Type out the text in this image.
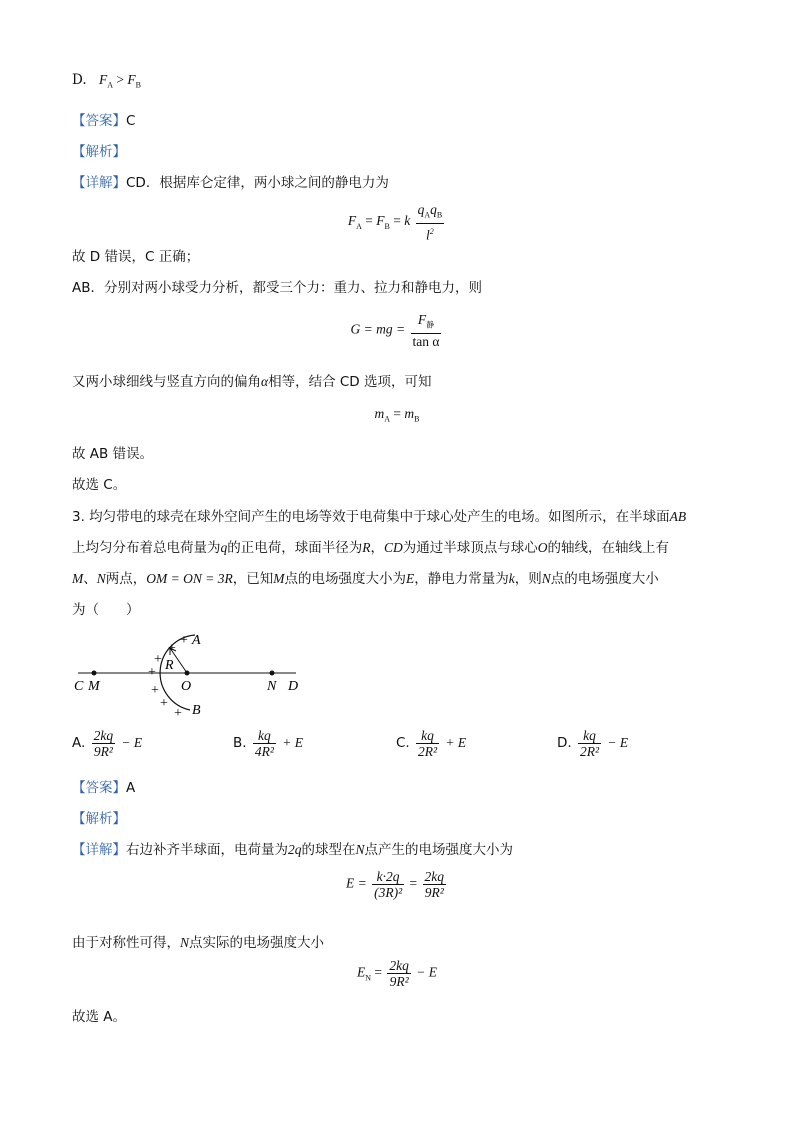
D. $F_A > F_B$
【答案】C
【解析】
【详解】CD．根据库仑定律，两小球之间的静电力为
$F_A = F_B = k \frac{q_Aq_B}{l^2}$
故 D 错误，C 正确；
AB．分别对两小球受力分析，都受三个力：重力、拉力和静电力，则
G = mg = $\frac{F_静}{\text{tan α}}$
又两小球细线与竖直方向的偏角α相等，结合 CD 选项，可知
$m_A = m_B$
故 AB 错误。
故选 C。
3. 均匀带电的球壳在球外空间产生的电场等效于电荷集中于球心处产生的电场。如图所示，在半球面AB
上均匀分布着总电荷量为q的正电荷，球面半径为R，CD为通过半球顶点与球心O的轴线，在轴线上有
M、N两点，OM = ON = 3R，已知M点的电场强度大小为E，静电力常量为k，则N点的电场强度大小
为（　　）
+
+
+
+
+
+
+
A
B
R
C M	O	N D
A. $\frac{2kq}{\text{9R²}} - E$	B. $\frac{kq}{\text{4R²}} + E$	C. $\frac{kq}{\text{2R²}} + E$	D. $\frac{kq}{\text{2R²}} - E$
【答案】A
【解析】
【详解】右边补齐半球面，电荷量为2q的球型在N点产生的电场强度大小为
$E = \frac{k\cdot 2q}{\text{(3R)²}} = \frac{2kq}{\text{9R²}}$
由于对称性可得，N点实际的电场强度大小
$E_N = \frac{2kq}{\text{9R²}} - E$
故选 A。
